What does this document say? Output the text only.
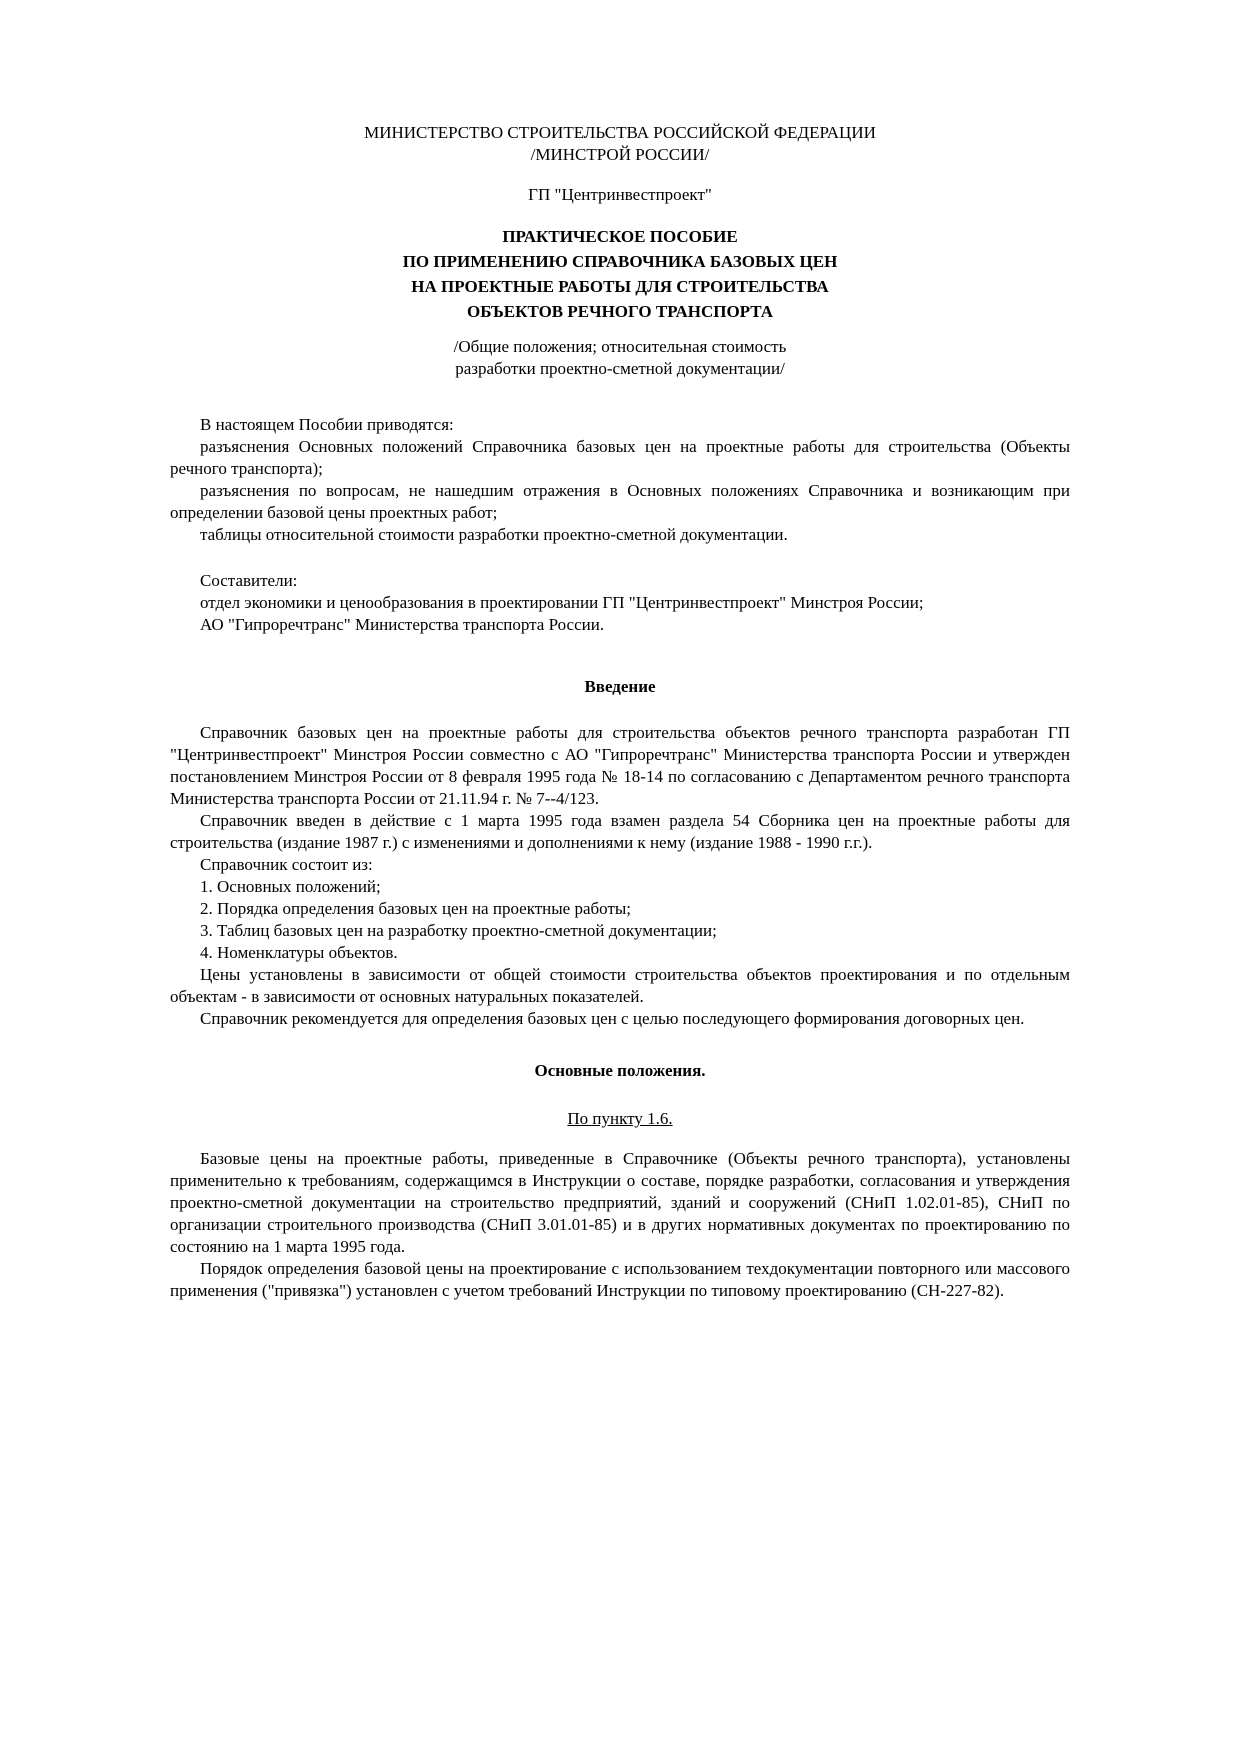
МИНИСТЕРСТВО СТРОИТЕЛЬСТВА РОССИЙСКОЙ ФЕДЕРАЦИИ

/МИНСТРОЙ РОССИИ/

ГП "Центринвестпроект"

ПРАКТИЧЕСКОЕ ПОСОБИЕ

ПО ПРИМЕНЕНИЮ СПРАВОЧНИКА БАЗОВЫХ ЦЕН

НА ПРОЕКТНЫЕ РАБОТЫ ДЛЯ СТРОИТЕЛЬСТВА

ОБЪЕКТОВ РЕЧНОГО ТРАНСПОРТА

/Общие положения; относительная стоимость

разработки проектно-сметной документации/

В настоящем Пособии приводятся:

разъяснения Основных положений Справочника базовых цен на проектные работы для строительства (Объекты речного транспорта);

разъяснения по вопросам, не нашедшим отражения в Основных положениях Справочника и возникающим при определении базовой цены проектных работ;

таблицы относительной стоимости разработки проектно-сметной документации.

Составители:

отдел экономики и ценообразования в проектировании ГП "Центринвестпроект" Минстроя России;

АО "Гипроречтранс" Министерства транспорта России.

Введение

Справочник базовых цен на проектные работы для строительства объектов речного транспорта разработан ГП "Центринвестпроект" Минстроя России совместно с АО "Гипроречтранс" Министерства транспорта России и утвержден постановлением Минстроя России от 8 февраля 1995 года № 18-14 по согласованию с Департаментом речного транспорта Министерства транспорта России от 21.11.94 г. № 7--4/123.

Справочник введен в действие с 1 марта 1995 года взамен раздела 54 Сборника цен на проектные работы для строительства (издание 1987 г.) с изменениями и дополнениями к нему (издание 1988 - 1990 г.г.).

Справочник состоит из:

1. Основных положений;

2. Порядка определения базовых цен на проектные работы;

3. Таблиц базовых цен на разработку проектно-сметной документации;

4. Номенклатуры объектов.

Цены установлены в зависимости от общей стоимости строительства объектов проектирования и по отдельным объектам - в зависимости от основных натуральных показателей.

Справочник рекомендуется для определения базовых цен с целью последующего формирования договорных цен.

Основные положения.

По пункту 1.6.

Базовые цены на проектные работы, приведенные в Справочнике (Объекты речного транспорта), установлены применительно к требованиям, содержащимся в Инструкции о составе, порядке разработки, согласования и утверждения проектно-сметной документации на строительство предприятий, зданий и сооружений (СНиП 1.02.01-85), СНиП по организации строительного производства (СНиП 3.01.01-85) и в других нормативных документах по проектированию по состоянию на 1 марта 1995 года.

Порядок определения базовой цены на проектирование с использованием техдокументации повторного или массового применения ("привязка") установлен с учетом требований Инструкции по типовому проектированию (СН-227-82).
